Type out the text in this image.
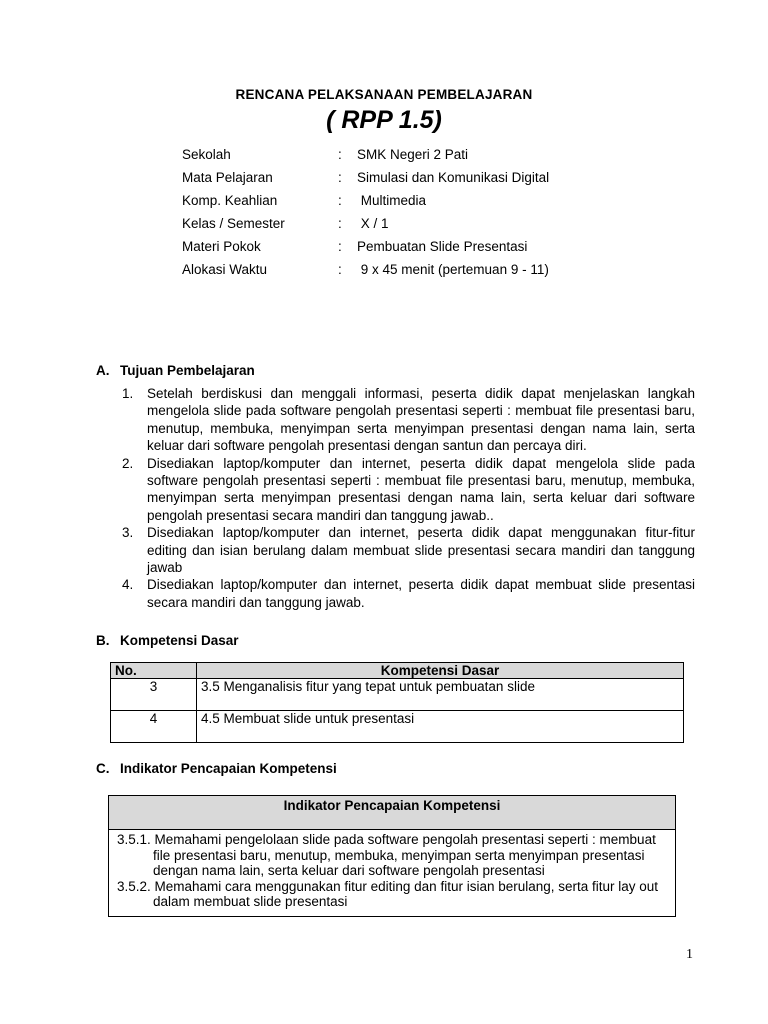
RENCANA PELAKSANAAN PEMBELAJARAN
( RPP 1.5)
Sekolah	: SMK Negeri 2 Pati
Mata Pelajaran	: Simulasi dan Komunikasi Digital
Komp. Keahlian	: Multimedia
Kelas / Semester	: X / 1
Materi Pokok	: Pembuatan Slide Presentasi
Alokasi Waktu	: 9 x 45 menit (pertemuan 9 - 11)
A. Tujuan Pembelajaran
1. Setelah berdiskusi dan menggali informasi, peserta didik dapat menjelaskan langkah mengelola slide pada software pengolah presentasi seperti : membuat file presentasi baru, menutup, membuka, menyimpan serta menyimpan presentasi dengan nama lain, serta keluar dari software pengolah presentasi dengan santun dan percaya diri.
2. Disediakan laptop/komputer dan internet, peserta didik dapat mengelola slide pada software pengolah presentasi seperti : membuat file presentasi baru, menutup, membuka, menyimpan serta menyimpan presentasi dengan nama lain, serta keluar dari software pengolah presentasi secara mandiri dan tanggung jawab..
3. Disediakan laptop/komputer dan internet, peserta didik dapat menggunakan fitur-fitur editing dan isian berulang dalam membuat slide presentasi secara mandiri dan tanggung jawab
4. Disediakan laptop/komputer dan internet, peserta didik dapat membuat slide presentasi secara mandiri dan tanggung jawab.
B. Kompetensi Dasar
No.	Kompetensi Dasar
3	3.5 Menganalisis fitur yang tepat untuk pembuatan slide
4	4.5 Membuat slide untuk presentasi
C. Indikator Pencapaian Kompetensi
Indikator Pencapaian Kompetensi

3.5.1. Memahami pengelolaan slide pada software pengolah presentasi seperti : membuat file presentasi baru, menutup, membuka, menyimpan serta menyimpan presentasi dengan nama lain, serta keluar dari software pengolah presentasi
3.5.2. Memahami cara menggunakan fitur editing dan fitur isian berulang, serta fitur lay out dalam membuat slide presentasi
1
